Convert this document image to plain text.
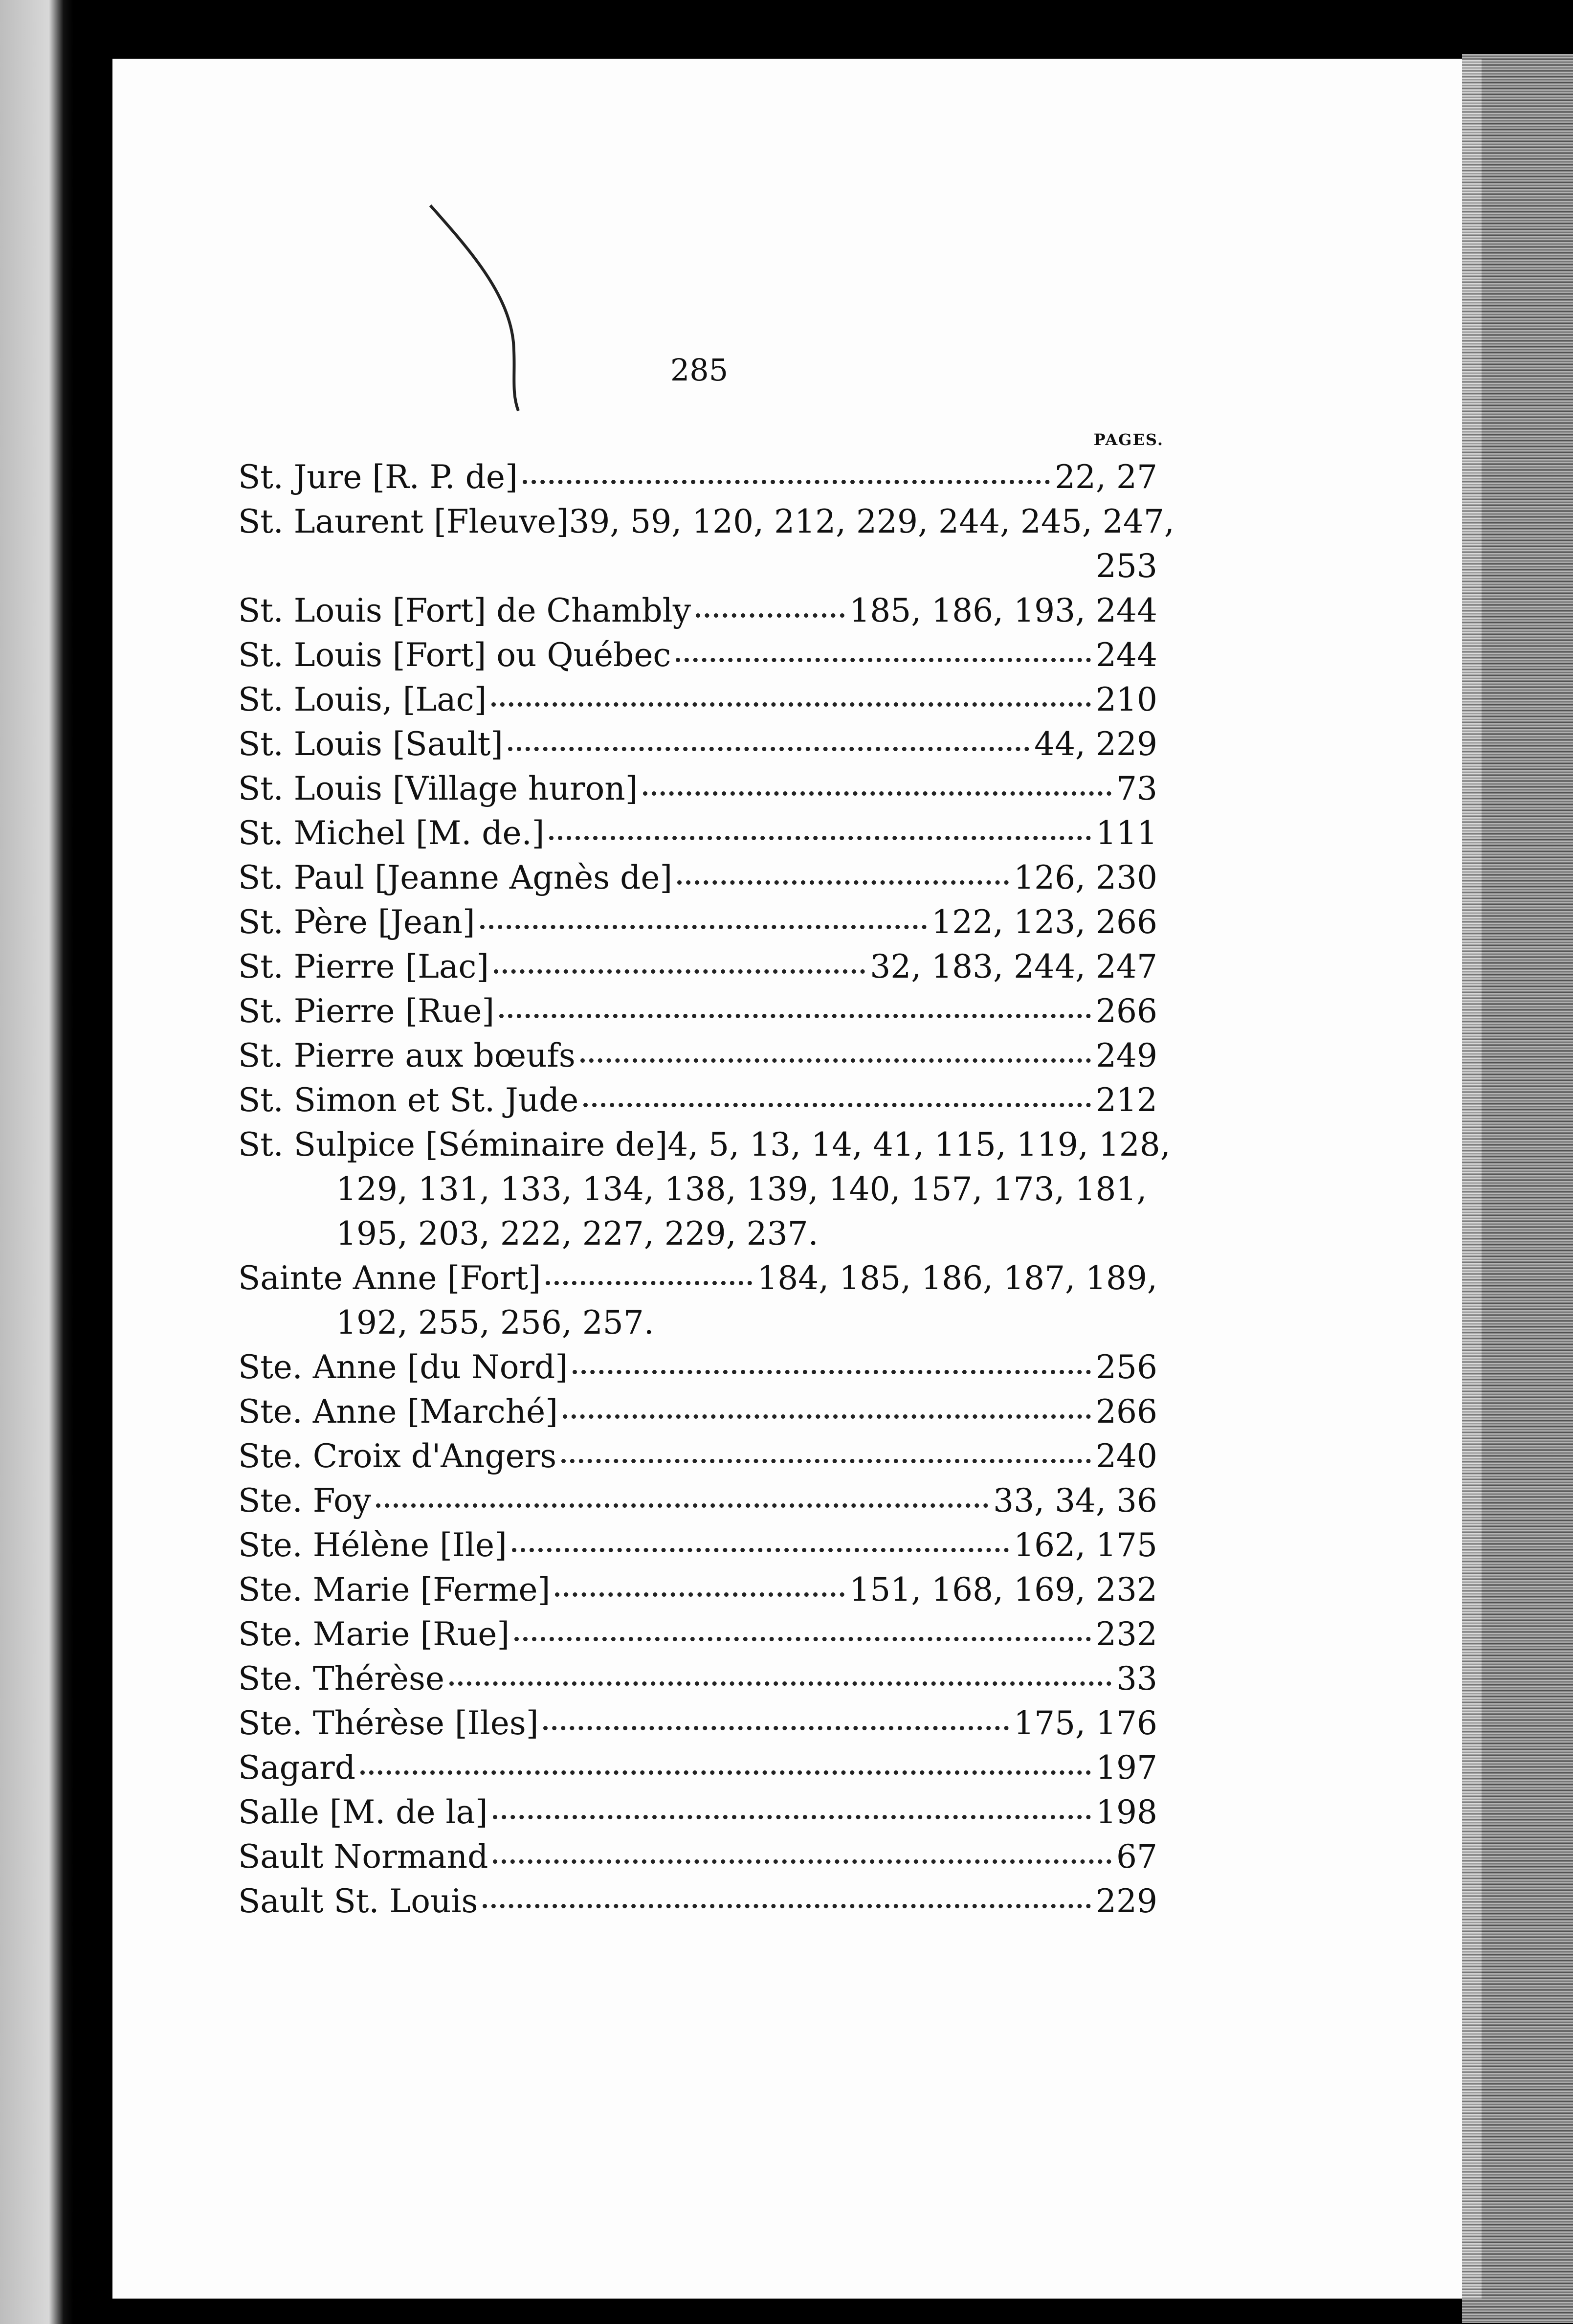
285
PAGES.
St. Jure [R. P. de]	22, 27
St. Laurent [Fleuve] 39, 59, 120, 212, 229, 244, 245, 247,
253
St. Louis [Fort] de Chambly	185, 186, 193, 244
St. Louis [Fort] ou Québec	244
St. Louis, [Lac]	210
St. Louis [Sault]	44, 229
St. Louis [Village huron]	73
St. Michel [M. de.]	111
St. Paul [Jeanne Agnès de]	126, 230
St. Père [Jean]	122, 123, 266
St. Pierre [Lac]	32, 183, 244, 247
St. Pierre [Rue]	266
St. Pierre aux bœufs	249
St. Simon et St. Jude	212
St. Sulpice [Séminaire de] 4, 5, 13, 14, 41, 115, 119, 128,
129, 131, 133, 134, 138, 139, 140, 157, 173, 181,
195, 203, 222, 227, 229, 237.
Sainte Anne [Fort]	184, 185, 186, 187, 189,
192, 255, 256, 257.
Ste. Anne [du Nord]	256
Ste. Anne [Marché]	266
Ste. Croix d'Angers	240
Ste. Foy	33, 34, 36
Ste. Hélène [Ile]	162, 175
Ste. Marie [Ferme]	151, 168, 169, 232
Ste. Marie [Rue]	232
Ste. Thérèse	33
Ste. Thérèse [Iles]	175, 176
Sagard	197
Salle [M. de la]	198
Sault Normand	67
Sault St. Louis	229
